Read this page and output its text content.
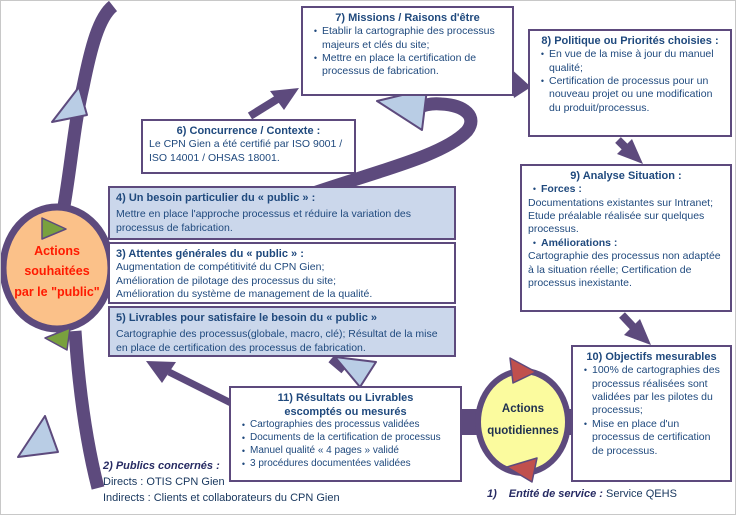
7) Missions / Raisons d'être
• Etablir la cartographie des processus majeurs et clés du site;
• Mettre en place la certification de processus de fabrication.
8) Politique ou Priorités choisies :
• En vue de la mise à jour du manuel qualité;
• Certification de processus pour un nouveau projet ou une modification du produit/processus.
9) Analyse Situation :
• Forces :
Documentations existantes sur Intranet; Etude préalable réalisée sur quelques processus.
• Améliorations :
Cartographie des processus non adaptée à la situation réelle; Certification de processus inexistante.
6) Concurrence / Contexte :
Le CPN Gien a été certifié par ISO 9001 / ISO 14001 / OHSAS 18001.
4) Un besoin particulier du « public » :
Mettre en place l'approche processus et réduire la variation des processus de fabrication.
3) Attentes générales du « public » :
Augmentation de compétitivité du CPN Gien;
Amélioration de pilotage des processus du site;
Amélioration du système de management de la qualité.
5) Livrables pour satisfaire le besoin du « public »
Cartographie des processus(globale, macro, clé); Résultat de la mise en place de certification des processus de fabrication.
11) Résultats ou Livrables
escomptés ou mesurés
• Cartographies des processus validées
• Documents de la certification de processus
• Manuel qualité « 4 pages » validé
• 3 procédures documentées validées
10) Objectifs mesurables
• 100% de cartographies des processus réalisées sont validées par les pilotes du processus;
• Mise en place d'un processus de certification de processus.
Actions
souhaitées
par le "public"
Actions
quotidiennes
2) Publics concernés :
Directs : OTIS CPN Gien
Indirects : Clients et collaborateurs du CPN Gien	1) Entité de service : Service QEHS
